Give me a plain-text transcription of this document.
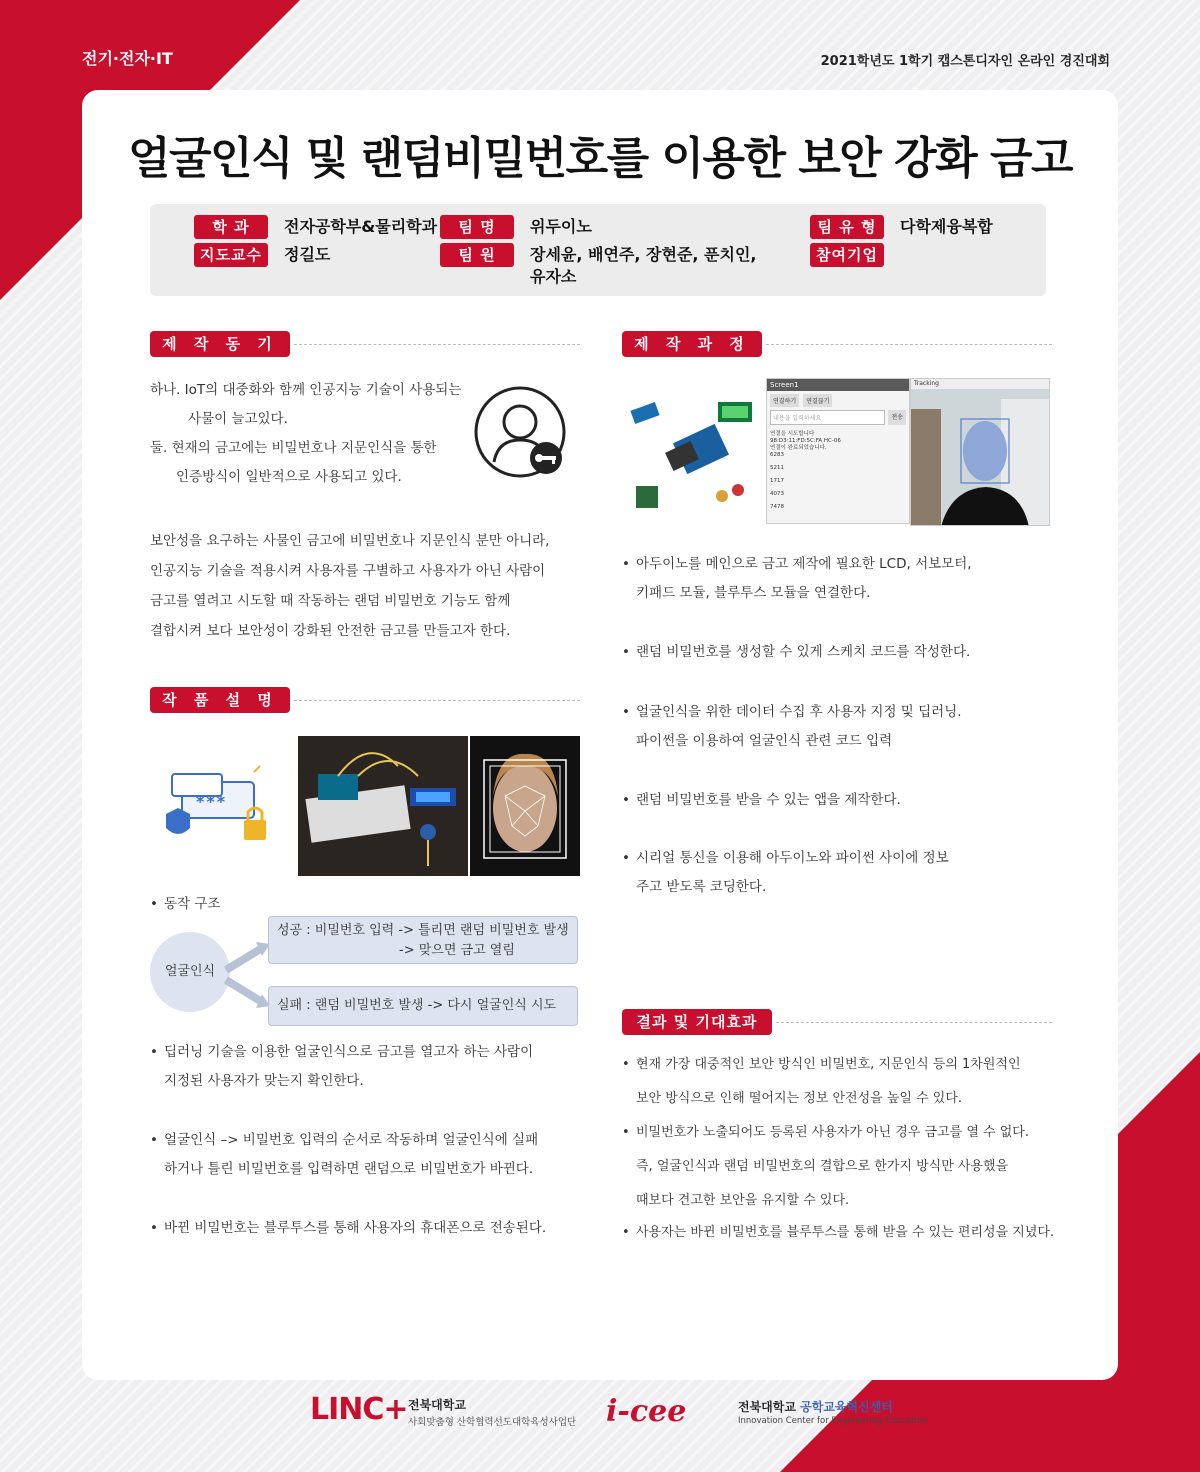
전기·전자·IT	2021학년도 1학기 캡스톤디자인 온라인 경진대회
얼굴인식 및 랜덤비밀번호를 이용한 보안 강화 금고
학 과	전자공학부&물리학과
지도교수	정길도
팀 명	위두이노
팀 원	장세윤, 배연주, 장현준, 푼치인,
유자소
팀 유 형	다학제융복합
참여기업
제 작 동 기

하나. IoT의 대중화와 함께 인공지능 기술이 사용되는

사물이 늘고있다.

둘. 현재의 금고에는 비밀번호나 지문인식을 통한

인증방식이 일반적으로 사용되고 있다.

보안성을 요구하는 사물인 금고에 비밀번호나 지문인식 분만 아니라,

인공지능 기술을 적용시켜 사용자를 구별하고 사용자가 아닌 사람이

금고를 열려고 시도할 때 작동하는 랜덤 비밀번호 기능도 함께

결합시켜 보다 보안성이 강화된 안전한 금고를 만들고자 한다.

작 품 설 명
***
• 동작 구조
얼굴인식
성공 : 비밀번호 입력 -> 틀리면 랜덤 비밀번호 발생
-> 맞으면 금고 열림
실패 : 랜덤 비밀번호 발생 -> 다시 얼굴인식 시도
• 딥러닝 기술을 이용한 얼굴인식으로 금고를 열고자 하는 사람이
지정된 사용자가 맞는지 확인한다.
• 얼굴인식 –> 비밀번호 입력의 순서로 작동하며 얼굴인식에 실패
하거나 틀린 비밀번호를 입력하면 랜덤으로 비밀번호가 바뀐다.
• 바뀐 비밀번호는 블루투스를 통해 사용자의 휴대폰으로 전송된다.
제 작 과 정
Screen1
연결하기	연결끊기
내용을 입력하세요	전송
연결을 시도합니다
98:D3:11:FD:5C:FA HC-06
연결이 완료되었습니다.
6283
5211
1717
4073
7478
Tracking
• 아두이노를 메인으로 금고 제작에 필요한 LCD, 서보모터,
키패드 모듈, 블루투스 모듈을 연결한다.
• 랜덤 비밀번호를 생성할 수 있게 스케치 코드를 작성한다.
• 얼굴인식을 위한 데이터 수집 후 사용자 지정 및 딥러닝.
파이썬을 이용하여 얼굴인식 관련 코드 입력
• 랜덤 비밀번호를 받을 수 있는 앱을 제작한다.
• 시리얼 통신을 이용해 아두이노와 파이썬 사이에 정보
주고 받도록 코딩한다.
결과 및 기대효과
• 현재 가장 대중적인 보안 방식인 비밀번호, 지문인식 등의 1차원적인
보안 방식으로 인해 떨어지는 정보 안전성을 높일 수 있다.
• 비밀번호가 노출되어도 등록된 사용자가 아닌 경우 금고를 열 수 없다.
즉, 얼굴인식과 랜덤 비밀번호의 결합으로 한가지 방식만 사용했을
때보다 견고한 보안을 유지할 수 있다.
• 사용자는 바뀐 비밀번호를 블루투스를 통해 받을 수 있는 편리성을 지녔다.
LINC+ 전북대학교
사회맞춤형 산학협력선도대학육성사업단 i-cee	전북대학교 공학교육혁신센터
Innovation Center for Engineering Education
